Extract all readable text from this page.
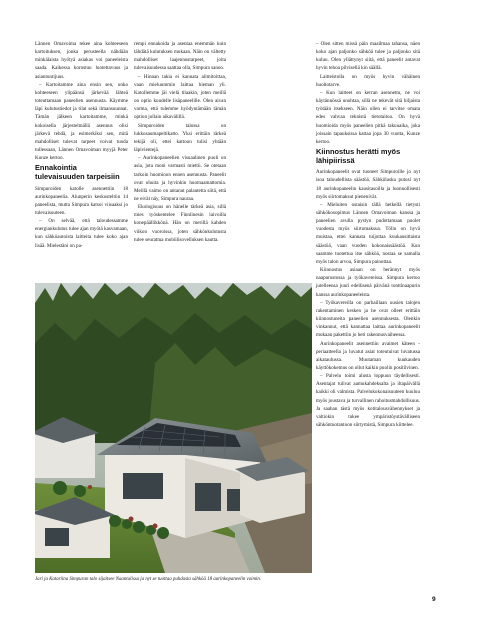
Lännen Omavoima tekee aina kohteeseen kartoituksen, jonka perusteella nähdään minkälaista hyötyä asiakas voi paneeleista saada. Kaikessa korostuu luotettavuus ja asiantuntijuus.

– Kartoitamme aina ensin sen, onko kohteeseen ylipäänsä järkevää lähteä toteuttamaan paneelien asennusta. Käymme läpi kulutustiedot ja tilat sekä ilmansuunnat. Tämän jälkeen kartoitamme, minkä kokoisella järjestelmällä asennus olisi järkevä tehdä, ja esimerkiksi sen, mitä mahdolliset tulevat tarpeet voivat tuoda tullessaan, Lännen Omavoiman myyjä Peter Kunze kertoo.

Ennakointia tulevaisuuden tarpeisiin

Simpuroiden katolle asennettiin 18 aurinkopaneelia. Alunperin keskusteltiin 14 paneelista, mutta Simpura katsoi viisaaksi jo tulevaisuuteen.

– On selvää, että taloudessamme energiankulutus tulee ajan myötä kasvamaan, kun sähköautoista laitteita tulee koko ajan lisää. Mielestäni on pa-

rempi ennakoida ja asentaa enemmän kuin tähdätä kulutuksen mukaan. Näin on vältetty mahdolliset laajennustarpeet, joita tulevaisuudessa saattaa olla, Simpura sanoo.

– Hinnan takia ei kannata alimitoittaa, vaan mieluummin laittaa hieman yli. Katollemme jäi vielä tilaakin, joten meillä on optio kuudelle lisäpaneelille. Olen aivan varma, että tulemme hyödyntämään tämän option jollain aikavälillä.

Simpuroiden talossa on lukkosaumapeltikatto. Yksi erittäin tärkeä tekijä oli, ettei kattoon tulisi yhtään läpivientejä.

– Aurinkopaneelien visuaalinen puoli on asia, jota moni varmasti miettii. Se otetaan tarkoin huomioon ennen asennusta. Paneelit ovat ohuita ja hyvinkin huomaamattomia. Meillä vaimo on antanut palautetta siitä, että ne eivät näy, Simpura nauraa.

Ekologisuus on hänelle tärkeä asia, sillä mies työskentelee Finnlinesin laivoilla konepäällikkönä. Hän on merillä kahden viikon vuoroissa, joten sähkönkulutusta tulee seurattua mobiilisovelluksen kautta.

– Olen sitten missä päin maailmaa tahansa, näen koko ajan paljonko sähköä tulee ja paljonko sitä kuluu. Olen yllättynyt siitä, että paneelit antavat hyvin tehoa pilvisellä kin säällä.

Laitteistolla on myös hyvin vähäinen huoltotarve.

– Kun laitteet on kerran asennettu, ne voi käytännössä unohtaa, sillä ne tekevät sitä hiljaista työtään itsekseen. Näin ollen ei tarvitse omata edes vahvaa teknistä tietotaitoa. On hyvä huomioida myös paneelien pitkä takuuaika, joka joissain tapauksissa kattaa jopa 30 vuotta, Kunze kertoo.

Kiinnostus herätti myös lähipiirissä

Aurinkopaneelit ovat tuoneet Simpuroille jo nyt isoa taloudellista säästöä. Sähkölasku putosi nyt 18 aurinkopaneelin kausitasoilla ja luonnollisesti myös siirtomaksut pienenivät.

– Mieluiten ostaisin tällä hetkellä tietysti sähkökosopimus Lännen Omavoiman kanssa ja paneelien avulla pystyn pudottamaan puolet vuodesta myös siirtomaksua. Tölin on hyvä muistaa, ettei kannata tuijottaa kuukausittaista säästöä, vaan vuoden kokonaissäästöä. Kun saamme tuotettua itse sähköä, nostaa se samalla myös talon arvoa, Simpura painottaa.

Kiinnostus asiaan on herännyt myös naapurustossa ja työkavereissa. Simpura kertoo jutelleensa juuri edellisenä päivänä tonttinaapurin kanssa aurinkopaneeleista.

– Työkavereilla on parhaillaan uusien talojen rakentaminen kesken ja he ovat olleet erittäin kiinnostuneita paneelien asennuksesta. Olenkin vinkannut, että kannattaa laittaa aurinkopaneelit mukaan pakettiin jo heti rakennusvaiheessa.

Aurinkopaneelit asennettiin avaimet käteen -periaatteella ja luvatut asiat toteutuivat luvatussa aikataulussa. Muutaman kuukauden käyttökokemus on ollut kaikin puolin positiivinen.

– Palvelu toimi alusta loppuun täydellisesti. Asentajat tulivat aamukahdeksalta ja iltapäivällä kaikki oli valmista. Palvelukokonaisuuteen kuuluu myös joustava ja turvallinen rahoitusmahdollisuus. Ja saahan tästä myös kotitalousvähennykset ja valtiokin tukee ympäristöystävälliseen sähköntuotantoon siirtymistä, Simpura kiittelee.

Jari ja Katariina Simpuran talo sijaitsee Naantalissa ja nyt se tuottaa puhdasta sähköä 18 aurinkopaneelin voimin.
9
